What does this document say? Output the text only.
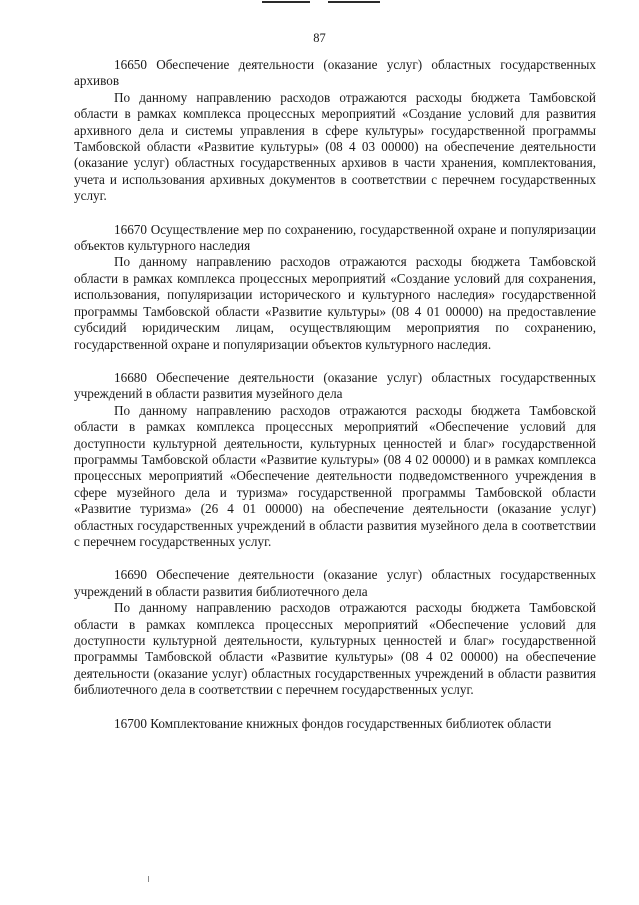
87

16650 Обеспечение деятельности (оказание услуг) областных государственных архивов

По данному направлению расходов отражаются расходы бюджета Тамбовской области в рамках комплекса процессных мероприятий «Создание условий для развития архивного дела и системы управления в сфере культуры» государственной программы Тамбовской области «Развитие культуры» (08 4 03 00000) на обеспечение деятельности (оказание услуг) областных государственных архивов в части хранения, комплектования, учета и использования архивных документов в соответствии с перечнем государственных услуг.

16670 Осуществление мер по сохранению, государственной охране и популяризации объектов культурного наследия

По данному направлению расходов отражаются расходы бюджета Тамбовской области в рамках комплекса процессных мероприятий «Создание условий для сохранения, использования, популяризации исторического и культурного наследия» государственной программы Тамбовской области «Развитие культуры» (08 4 01 00000) на предоставление субсидий юридическим лицам, осуществляющим мероприятия по сохранению, государственной охране и популяризации объектов культурного наследия.

16680 Обеспечение деятельности (оказание услуг) областных государственных учреждений в области развития музейного дела

По данному направлению расходов отражаются расходы бюджета Тамбовской области в рамках комплекса процессных мероприятий «Обеспечение условий для доступности культурной деятельности, культурных ценностей и благ» государственной программы Тамбовской области «Развитие культуры» (08 4 02 00000) и в рамках комплекса процессных мероприятий «Обеспечение деятельности подведомственного учреждения в сфере музейного дела и туризма» государственной программы Тамбовской области «Развитие туризма» (26 4 01 00000) на обеспечение деятельности (оказание услуг) областных государственных учреждений в области развития музейного дела в соответствии с перечнем государственных услуг.

16690 Обеспечение деятельности (оказание услуг) областных государственных учреждений в области развития библиотечного дела

По данному направлению расходов отражаются расходы бюджета Тамбовской области в рамках комплекса процессных мероприятий «Обеспечение условий для доступности культурной деятельности, культурных ценностей и благ» государственной программы Тамбовской области «Развитие культуры» (08 4 02 00000) на обеспечение деятельности (оказание услуг) областных государственных учреждений в области развития библиотечного дела в соответствии с перечнем государственных услуг.

16700 Комплектование книжных фондов государственных библиотек области
